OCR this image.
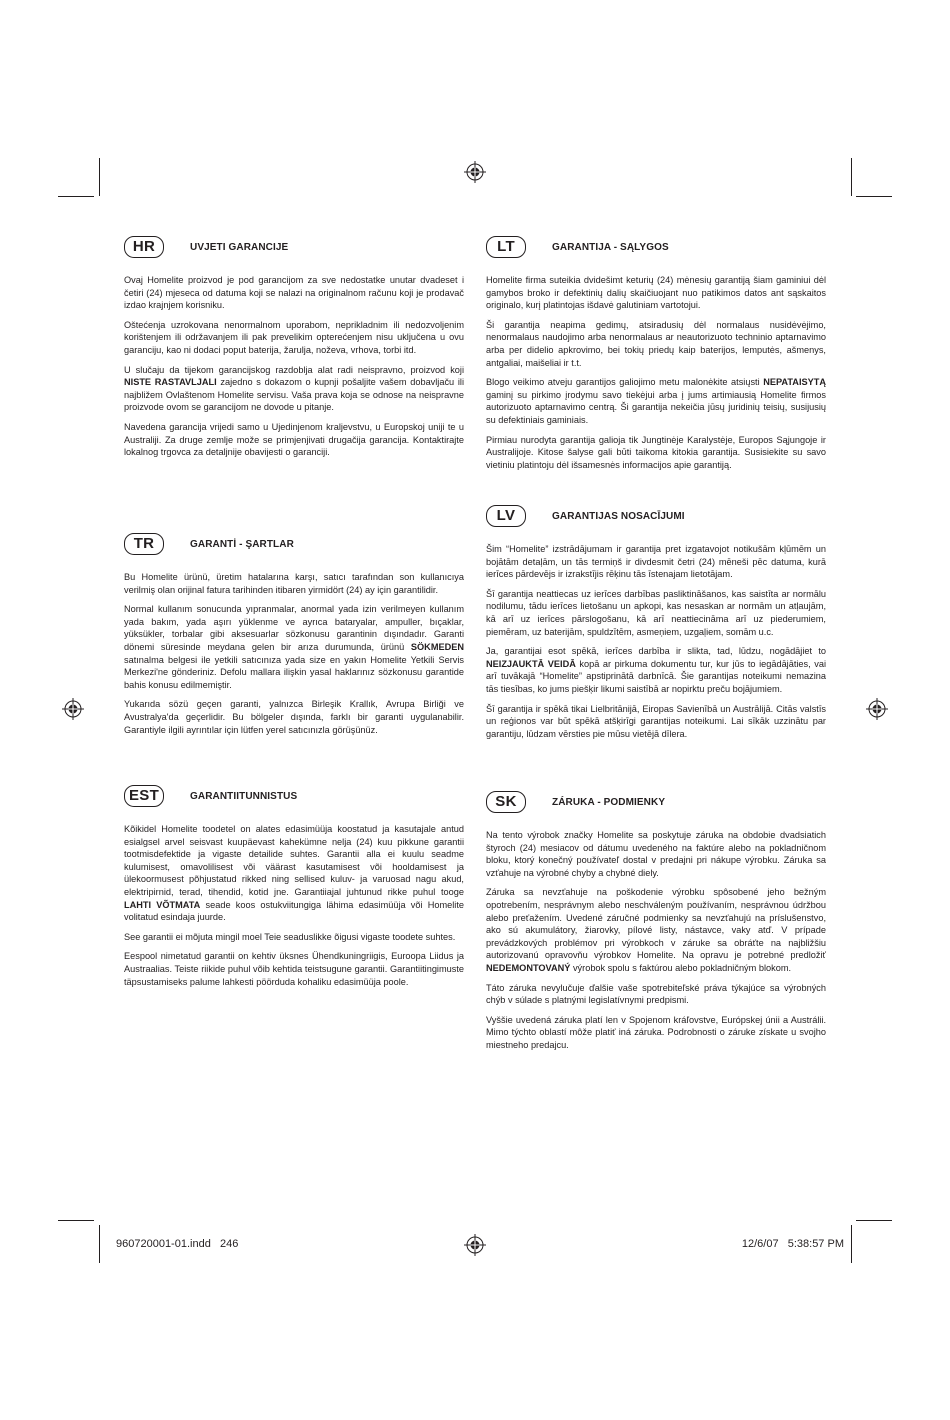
HR	UVJETI GARANCIJE

Ovaj Homelite proizvod je pod garancijom za sve nedostatke unutar dvadeset i četiri (24) mjeseca od datuma koji se nalazi na originalnom računu koji je prodavač izdao krajnjem korisniku.

Oštećenja uzrokovana nenormalnom uporabom, neprikladnim ili nedozvoljenim korištenjem ili održavanjem ili pak prevelikim opterećenjem nisu uključena u ovu garanciju, kao ni dodaci poput baterija, žarulja, noževa, vrhova, torbi itd.

U slučaju da tijekom garancijskog razdoblja alat radi neispravno, proizvod koji NISTE RASTAVLJALI zajedno s dokazom o kupnji pošaljite vašem dobavljaču ili najbližem Ovlaštenom Homelite servisu. Vaša prava koja se odnose na neispravne proizvode ovom se garancijom ne dovode u pitanje.

Navedena garancija vrijedi samo u Ujedinjenom kraljevstvu, u Europskoj uniji te u Australiji. Za druge zemlje može se primjenjivati drugačija garancija. Kontaktirajte lokalnog trgovca za detaljnije obavijesti o garanciji.

TR	GARANTİ - ŞARTLAR

Bu Homelite ürünü, üretim hatalarına karşı, satıcı tarafından son kullanıcıya verilmiş olan orijinal fatura tarihinden itibaren yirmidört (24) ay için garantilidir.

Normal kullanım sonucunda yıpranmalar, anormal yada izin verilmeyen kullanım yada bakım, yada aşırı yüklenme ve ayrıca bataryalar, ampuller, bıçaklar, yüksükler, torbalar gibi aksesuarlar sözkonusu garantinin dışındadır. Garanti dönemi süresinde meydana gelen bir arıza durumunda, ürünü SÖKMEDEN satınalma belgesi ile yetkili satıcınıza yada size en yakın Homelite Yetkili Servis Merkezi'ne gönderiniz. Defolu mallara ilişkin yasal haklarınız sözkonusu garantide bahis konusu edilmemiştir.

Yukarıda sözü geçen garanti, yalnızca Birleşik Krallık, Avrupa Birliği ve Avustralya'da geçerlidir. Bu bölgeler dışında, farklı bir garanti uygulanabilir. Garantiyle ilgili ayrıntılar için lütfen yerel satıcınızla görüşünüz.

EST	GARANTIITUNNISTUS

Kõikidel Homelite toodetel on alates edasimüüja koostatud ja kasutajale antud esialgsel arvel seisvast kuupäevast kahekümne nelja (24) kuu pikkune garantii tootmisdefektide ja vigaste detailide suhtes. Garantii alla ei kuulu seadme kulumisest, omavolilisest või väärast kasutamisest või hooldamisest ja ülekoormusest põhjustatud rikked ning sellised kuluv- ja varuosad nagu akud, elektripirnid, terad, tihendid, kotid jne. Garantiiajal juhtunud rikke puhul tooge LAHTI VÕTMATA seade koos ostukviitungiga lähima edasimüüja või Homelite volitatud esindaja juurde.

See garantii ei mõjuta mingil moel Teie seaduslikke õigusi vigaste toodete suhtes.

Eespool nimetatud garantii on kehtiv üksnes Ühendkuningriigis, Euroopa Liidus ja Austraalias. Teiste riikide puhul võib kehtida teistsugune garantii. Garantiitingimuste täpsustamiseks palume lahkesti pöörduda kohaliku edasimüüja poole.

LT	GARANTIJA - SĄLYGOS

Homelite firma suteikia dvidešimt keturių (24) mėnesių garantiją šiam gaminiui dėl gamybos broko ir defektinių dalių skaičiuojant nuo patikimos datos ant sąskaitos originalo, kurį platintojas išdavė galutiniam vartotojui.

Ši garantija neapima gedimų, atsiradusių dėl normalaus nusidėvėjimo, nenormalaus naudojimo arba nenormalaus ar neautorizuoto techninio aptarnavimo arba per didelio apkrovimo, bei tokių priedų kaip baterijos, lemputės, ašmenys, antgaliai, maišeliai ir t.t.

Blogo veikimo atveju garantijos galiojimo metu malonėkite atsiųsti NEPATAISYTĄ gaminį su pirkimo įrodymu savo tiekėjui arba į jums artimiausią Homelite firmos autorizuoto aptarnavimo centrą. Ši garantija nekeičia jūsų juridinių teisių, susijusių su defektiniais gaminiais.

Pirmiau nurodyta garantija galioja tik Jungtinėje Karalystėje, Europos Sąjungoje ir Australijoje. Kitose šalyse gali būti taikoma kitokia garantija. Susisiekite su savo vietiniu platintoju dėl išsamesnės informacijos apie garantiją.

LV	GARANTIJAS NOSACĪJUMI

Šim “Homelite” izstrādājumam ir garantija pret izgatavojot notikušām kļūmēm un bojātām detaļām, un tās termiņš ir divdesmit četri (24) mēneši pēc datuma, kurā ierīces pārdevējs ir izrakstījis rēķinu tās īstenajam lietotājam.

Šī garantija neattiecas uz ierīces darbības pasliktināšanos, kas saistīta ar normālu nodilumu, tādu ierīces lietošanu un apkopi, kas nesaskan ar normām un atļaujām, kā arī uz ierīces pārslogošanu, kā arī neattiecināma arī uz piederumiem, piemēram, uz baterijām, spuldzītēm, asmeņiem, uzgaļiem, somām u.c.

Ja, garantijai esot spēkā, ierīces darbība ir slikta, tad, lūdzu, nogādājiet to NEIZJAUKTĀ VEIDĀ kopā ar pirkuma dokumentu tur, kur jūs to iegādājāties, vai arī tuvākajā “Homelite” apstiprinātā darbnīcā. Šie garantijas noteikumi nemazina tās tiesības, ko jums piešķir likumi saistībā ar nopirktu preču bojājumiem.

Šī garantija ir spēkā tikai Lielbritānijā, Eiropas Savienībā un Austrālijā. Citās valstīs un reģionos var būt spēkā atšķirīgi garantijas noteikumi. Lai sīkāk uzzinātu par garantiju, lūdzam vērsties pie mūsu vietējā dīlera.

SK	ZÁRUKA - PODMIENKY

Na tento výrobok značky Homelite sa poskytuje záruka na obdobie dvadsiatich štyroch (24) mesiacov od dátumu uvedeného na faktúre alebo na pokladničnom bloku, ktorý konečný používateľ dostal v predajni pri nákupe výrobku. Záruka sa vzťahuje na výrobné chyby a chybné diely.

Záruka sa nevzťahuje na poškodenie výrobku spôsobené jeho bežným opotrebením, nesprávnym alebo neschváleným používaním, nesprávnou údržbou alebo preťažením. Uvedené záručné podmienky sa nevzťahujú na príslušenstvo, ako sú akumulátory, žiarovky, pílové listy, nástavce, vaky atď. V prípade prevádzkových problémov pri výrobkoch v záruke sa obráťte na najbližšiu autorizovanú opravovňu výrobkov Homelite. Na opravu je potrebné predložiť NEDEMONTOVANÝ výrobok spolu s faktúrou alebo pokladničným blokom.

Táto záruka nevylučuje ďalšie vaše spotrebiteľské práva týkajúce sa výrobných chýb v súlade s platnými legislatívnymi predpismi.

Vyššie uvedená záruka platí len v Spojenom kráľovstve, Európskej únii a Austrálii. Mimo týchto oblastí môže platiť iná záruka. Podrobnosti o záruke získate u svojho miestneho predajcu.

960720001-01.indd   246	12/6/07   5:38:57 PM
